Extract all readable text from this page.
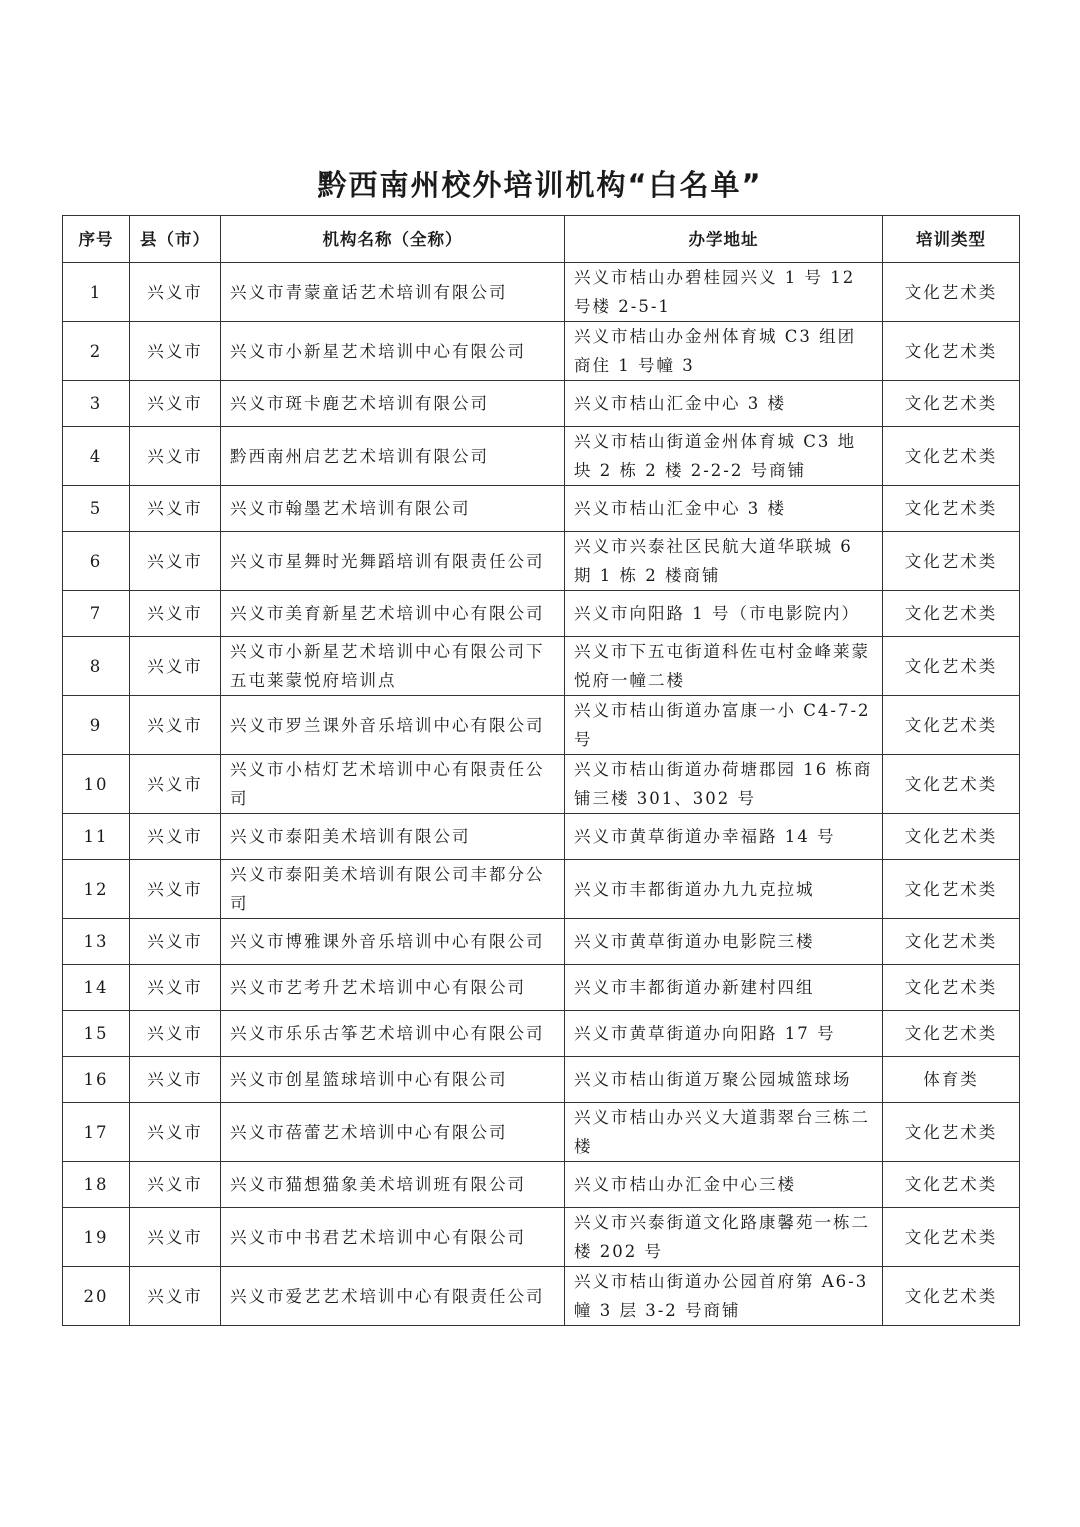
黔西南州校外培训机构“白名单”
序号	县（市）	机构名称（全称）	办学地址	培训类型
1	兴义市	兴义市青蒙童话艺术培训有限公司	兴义市桔山办碧桂园兴义 1 号 12 号楼 2-5-1	文化艺术类
2	兴义市	兴义市小新星艺术培训中心有限公司	兴义市桔山办金州体育城 C3 组团商住 1 号幢 3	文化艺术类
3	兴义市	兴义市斑卡鹿艺术培训有限公司	兴义市桔山汇金中心 3 楼	文化艺术类
4	兴义市	黔西南州启艺艺术培训有限公司	兴义市桔山街道金州体育城 C3 地块 2 栋 2 楼 2-2-2 号商铺	文化艺术类
5	兴义市	兴义市翰墨艺术培训有限公司	兴义市桔山汇金中心 3 楼	文化艺术类
6	兴义市	兴义市星舞时光舞蹈培训有限责任公司	兴义市兴泰社区民航大道华联城 6 期 1 栋 2 楼商铺	文化艺术类
7	兴义市	兴义市美育新星艺术培训中心有限公司	兴义市向阳路 1 号（市电影院内）	文化艺术类
8	兴义市	兴义市小新星艺术培训中心有限公司下五屯莱蒙悦府培训点	兴义市下五屯街道科佐屯村金峰莱蒙悦府一幢二楼	文化艺术类
9	兴义市	兴义市罗兰课外音乐培训中心有限公司	兴义市桔山街道办富康一小 C4-7-2 号	文化艺术类
10	兴义市	兴义市小桔灯艺术培训中心有限责任公司	兴义市桔山街道办荷塘郡园 16 栋商铺三楼 301、302 号	文化艺术类
11	兴义市	兴义市泰阳美术培训有限公司	兴义市黄草街道办幸福路 14 号	文化艺术类
12	兴义市	兴义市泰阳美术培训有限公司丰都分公司	兴义市丰都街道办九九克拉城	文化艺术类
13	兴义市	兴义市博雅课外音乐培训中心有限公司	兴义市黄草街道办电影院三楼	文化艺术类
14	兴义市	兴义市艺考升艺术培训中心有限公司	兴义市丰都街道办新建村四组	文化艺术类
15	兴义市	兴义市乐乐古筝艺术培训中心有限公司	兴义市黄草街道办向阳路 17 号	文化艺术类
16	兴义市	兴义市创星篮球培训中心有限公司	兴义市桔山街道万聚公园城篮球场	体育类
17	兴义市	兴义市蓓蕾艺术培训中心有限公司	兴义市桔山办兴义大道翡翠台三栋二楼	文化艺术类
18	兴义市	兴义市猫想猫象美术培训班有限公司	兴义市桔山办汇金中心三楼	文化艺术类
19	兴义市	兴义市中书君艺术培训中心有限公司	兴义市兴泰街道文化路康馨苑一栋二楼 202 号	文化艺术类
20	兴义市	兴义市爱艺艺术培训中心有限责任公司	兴义市桔山街道办公园首府第 A6-3 幢 3 层 3-2 号商铺	文化艺术类
